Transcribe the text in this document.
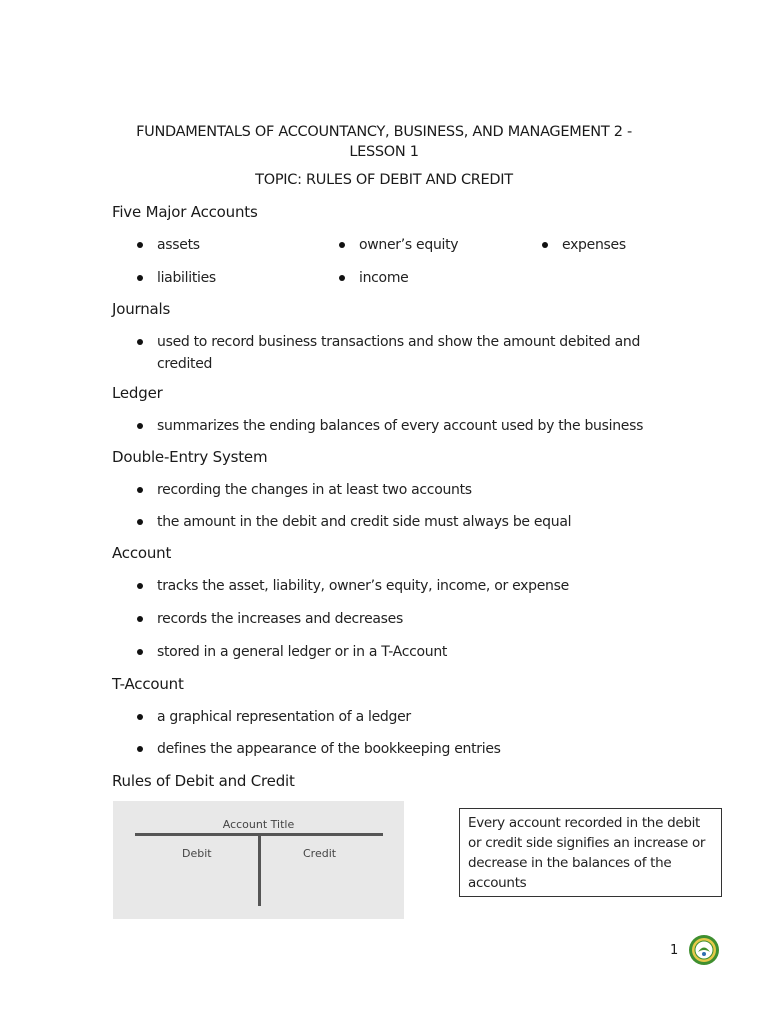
FUNDAMENTALS OF ACCOUNTANCY, BUSINESS, AND MANAGEMENT 2 -
LESSON 1
TOPIC: RULES OF DEBIT AND CREDIT
Five Major Accounts
assets	owner’s equity	expenses
liabilities	income
Journals
used to record business transactions and show the amount debited and credited
Ledger
summarizes the ending balances of every account used by the business
Double-Entry System
recording the changes in at least two accounts
the amount in the debit and credit side must always be equal
Account
tracks the asset, liability, owner’s equity, income, or expense
records the increases and decreases
stored in a general ledger or in a T-Account
T-Account
a graphical representation of a ledger
defines the appearance of the bookkeeping entries
Rules of Debit and Credit
Account Title
Debit	Credit
Every account recorded in the debit or credit side signifies an increase or decrease in the balances of the accounts
1
